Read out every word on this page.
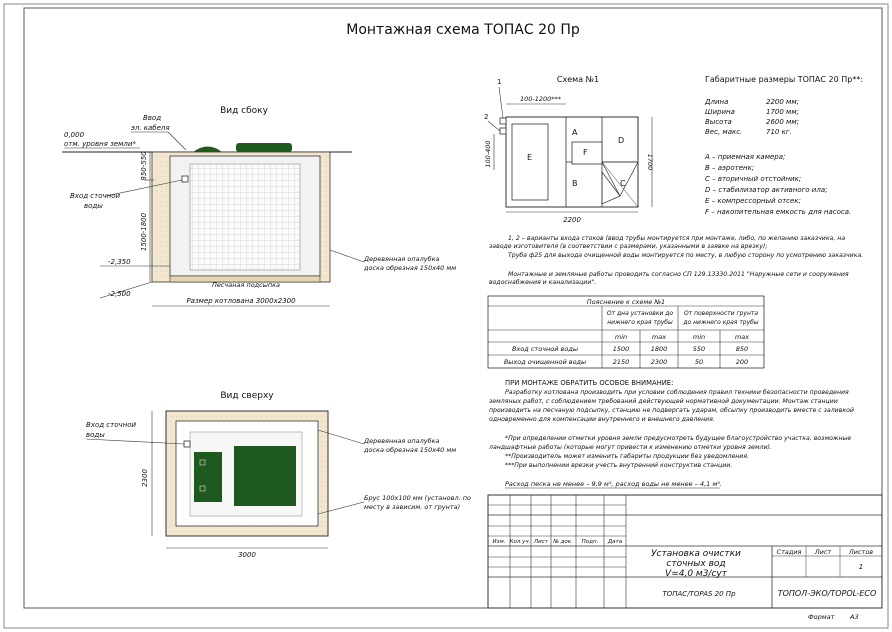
Монтажная схема ТОПАС 20 Пр
Вид сбоку
Ввод
эл. кабеля
0,000
отм. уровня земли*
Вход сточной
воды
850-550
1500-1800
-2,350
-2,500
Песчаная подсыпка
Размер котлована 3000х2300
Деревянная опалубка
доска обрезная 150х40 мм
Вид сверху
Вход сточной
воды
Деревянная опалубка
доска обрезная 150х40 мм
Брус 100х100 мм (установл. по
месту в зависим. от грунта)
2300
3000
Схема №1
E
A
F
B
D
C
1
2
100-1200***
100-400	1700
2200
Габаритные размеры ТОПАС 20 Пр**:
Длина	2200 мм;
Ширина	1700 мм;
Высота	2600 мм;
Вес, макс.	710 кг.
А – приемная камера;
B – аэротенк;
C – вторичный отстойник;
D – стабилизатор активного ила;
E – компрессорный отсек;
F – накопительная емкость для насоса.
1, 2 – варианты входа стоков (ввод трубы монтируется при монтаже, либо, по желанию заказчика, на
заводе изготовителя (в соответствии с размерами, указанными в заявке на врезку);
Труба ф25 для выхода очищенной воды монтируется по месту, в любую сторону по усмотрению заказчика.
Монтажные и земляные работы проводить согласно СП 129.13330.2011 "Наружные сети и сооружения
водоснабжения и канализации".
Пояснение к схеме №1
От дна установки до
нижнего края трубы
От поверхности грунта
до нижнего края трубы
min	max	min	max
Вход сточной воды	1500	1800	550	850
Выход очищенной воды	2150	2300	50	200
ПРИ МОНТАЖЕ ОБРАТИТЬ ОСОБОЕ ВНИМАНИЕ:
Разработку котлована производить при условии соблюдения правил техники безопасности проведения
земляных работ, с соблюдением требований действующей нормативной документации. Монтаж станции
производить на песчаную подсыпку, станцию не подвергать ударам, обсыпку производить вместе с заливкой
одновременно для компенсации внутреннего и внешнего давления.
*При определении отметки уровня земли предусмотреть будущее благоустройство участка, возможные
ландшафтные работы (которые могут привести к изменению отметки уровня земли).
**Производитель может изменить габариты продукции без уведомления.
***При выполнении врезки учесть внутренний конструктив станции.
Расход песка не менее – 9,9 м³, расход воды не менее – 4,1 м³.
Изм. Кол.уч. Лист № док. Подп. Дата
Установка очистки
сточных вод
V=4,0 м3/сут
Стадия Лист	Листов
1
ТОПАС/TOPAS 20 Пр	ТОПОЛ-ЭКО/TOPOL-ECO
Формат А3
